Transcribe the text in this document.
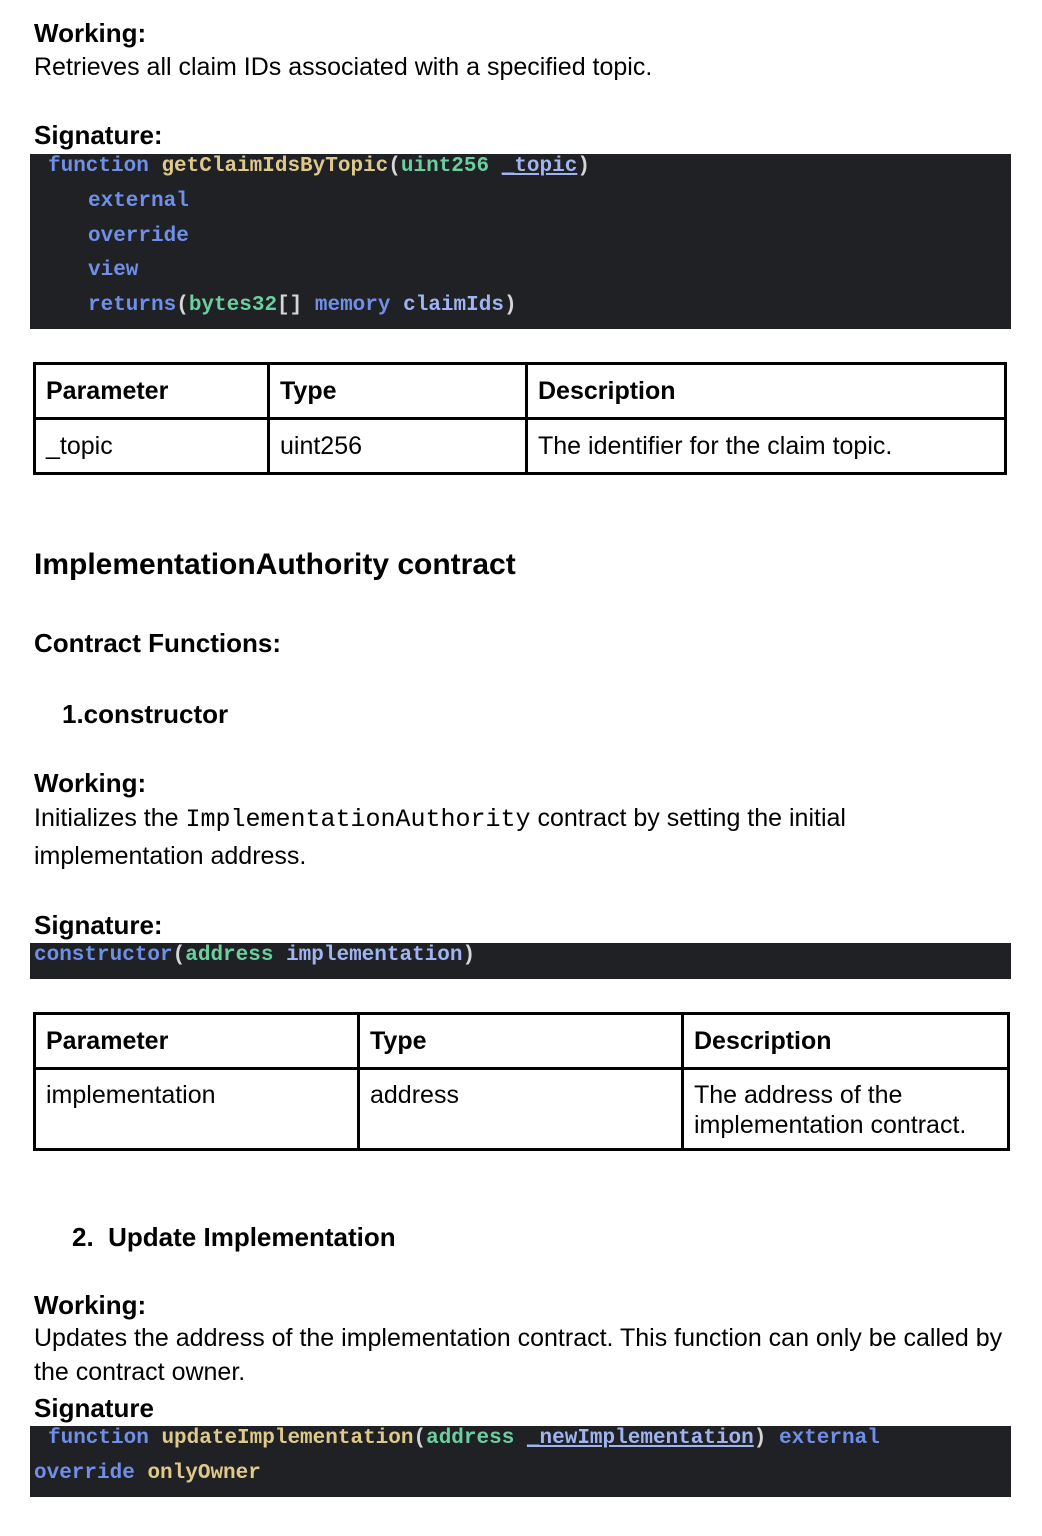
Working:
Retrieves all claim IDs associated with a specified topic.
Signature:

function getClaimIdsByTopic(uint256 _topic)

external

override

view

returns(bytes32[] memory claimIds)

Parameter	Type	Description
_topic	uint256	The identifier for the claim topic.
ImplementationAuthority contract
Contract Functions:
1.constructor
Working:
Initializes the ImplementationAuthority contract by setting the initial
implementation address.
Signature:

constructor(address implementation)

Parameter	Type	Description
implementation	address	The address of the implementation contract.
2. Update Implementation
Working:
Updates the address of the implementation contract. This function can only be called by the contract owner.
Signature

function updateImplementation(address _newImplementation) external

override onlyOwner
